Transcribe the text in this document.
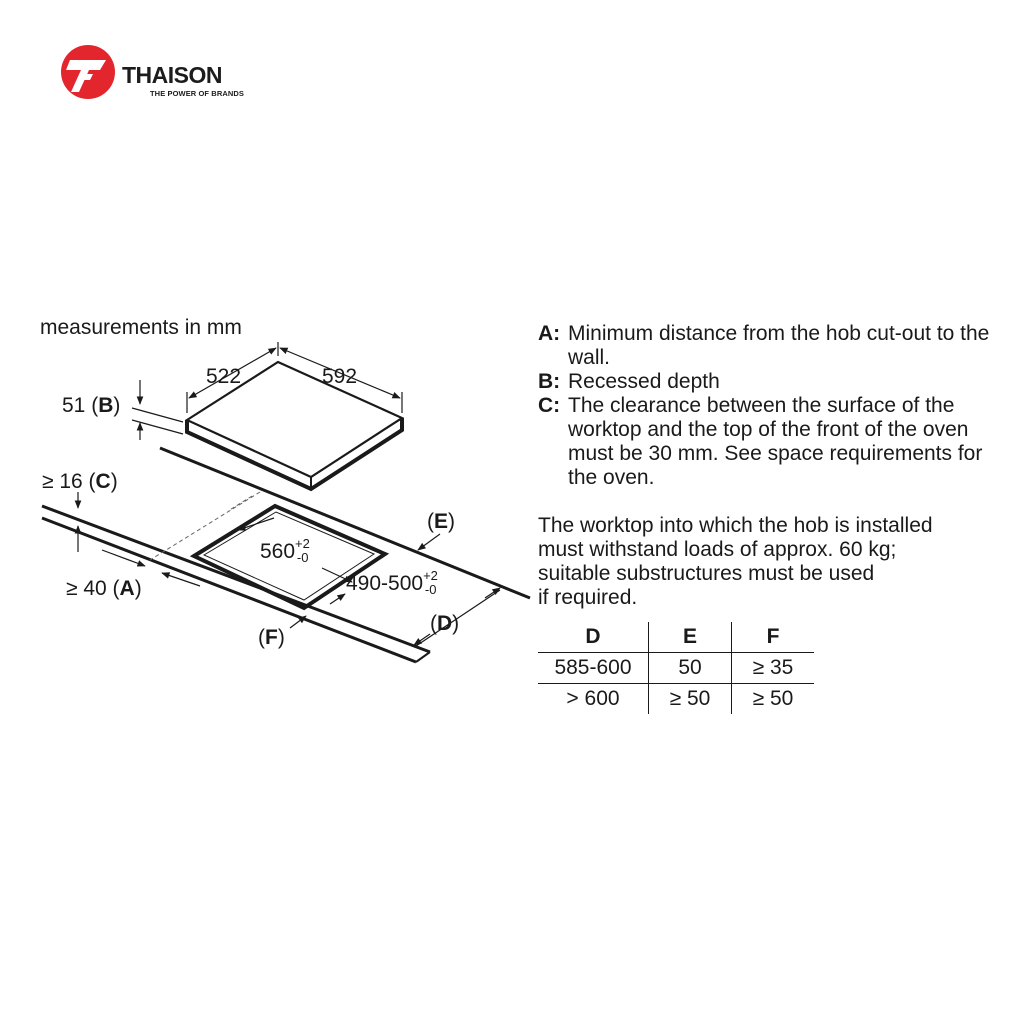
THAISON
THE POWER OF BRANDS
measurements in mm
522	592
51 (B)
≥ 16 (C)
$560^{+2}$ -0
$490-500^{+2}$ -0
≥ 40 (A)
(E)
(D)
(F)
A: Minimum distance from the hob cut-out to the wall.
B: Recessed depth
C: The clearance between the surface of the worktop and the top of the front of the oven must be 30 mm. See space requirements for the oven.
The worktop into which the hob is installed
must withstand loads of approx. 60 kg;
suitable substructures must be used
if required.
D	E	F
585-600	50	≥ 35
> 600	≥ 50	≥ 50
